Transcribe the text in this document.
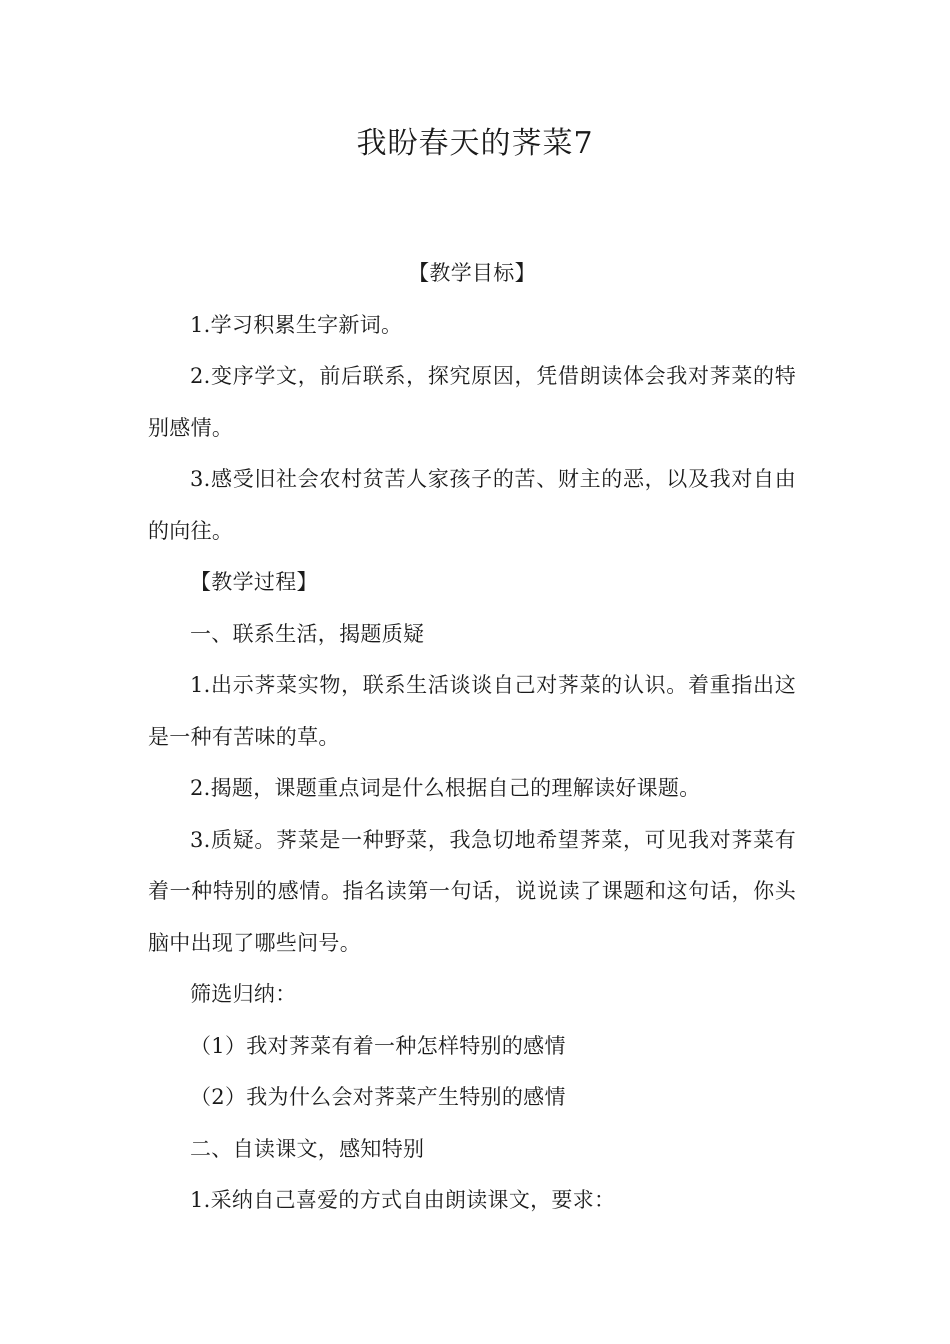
我盼春天的荠菜7

【教学目标】

1.学习积累生字新词。

2.变序学文，前后联系，探究原因，凭借朗读体会我对荠菜的特别感情。

3.感受旧社会农村贫苦人家孩子的苦、财主的恶，以及我对自由的向往。

【教学过程】

一、联系生活，揭题质疑

1.出示荠菜实物，联系生活谈谈自己对荠菜的认识。着重指出这是一种有苦味的草。

2.揭题，课题重点词是什么根据自己的理解读好课题。

3.质疑。荠菜是一种野菜，我急切地希望荠菜，可见我对荠菜有着一种特别的感情。指名读第一句话，说说读了课题和这句话，你头脑中出现了哪些问号。

筛选归纳：

（1）我对荠菜有着一种怎样特别的感情

（2）我为什么会对荠菜产生特别的感情

二、自读课文，感知特别

1.采纳自己喜爱的方式自由朗读课文，要求：
